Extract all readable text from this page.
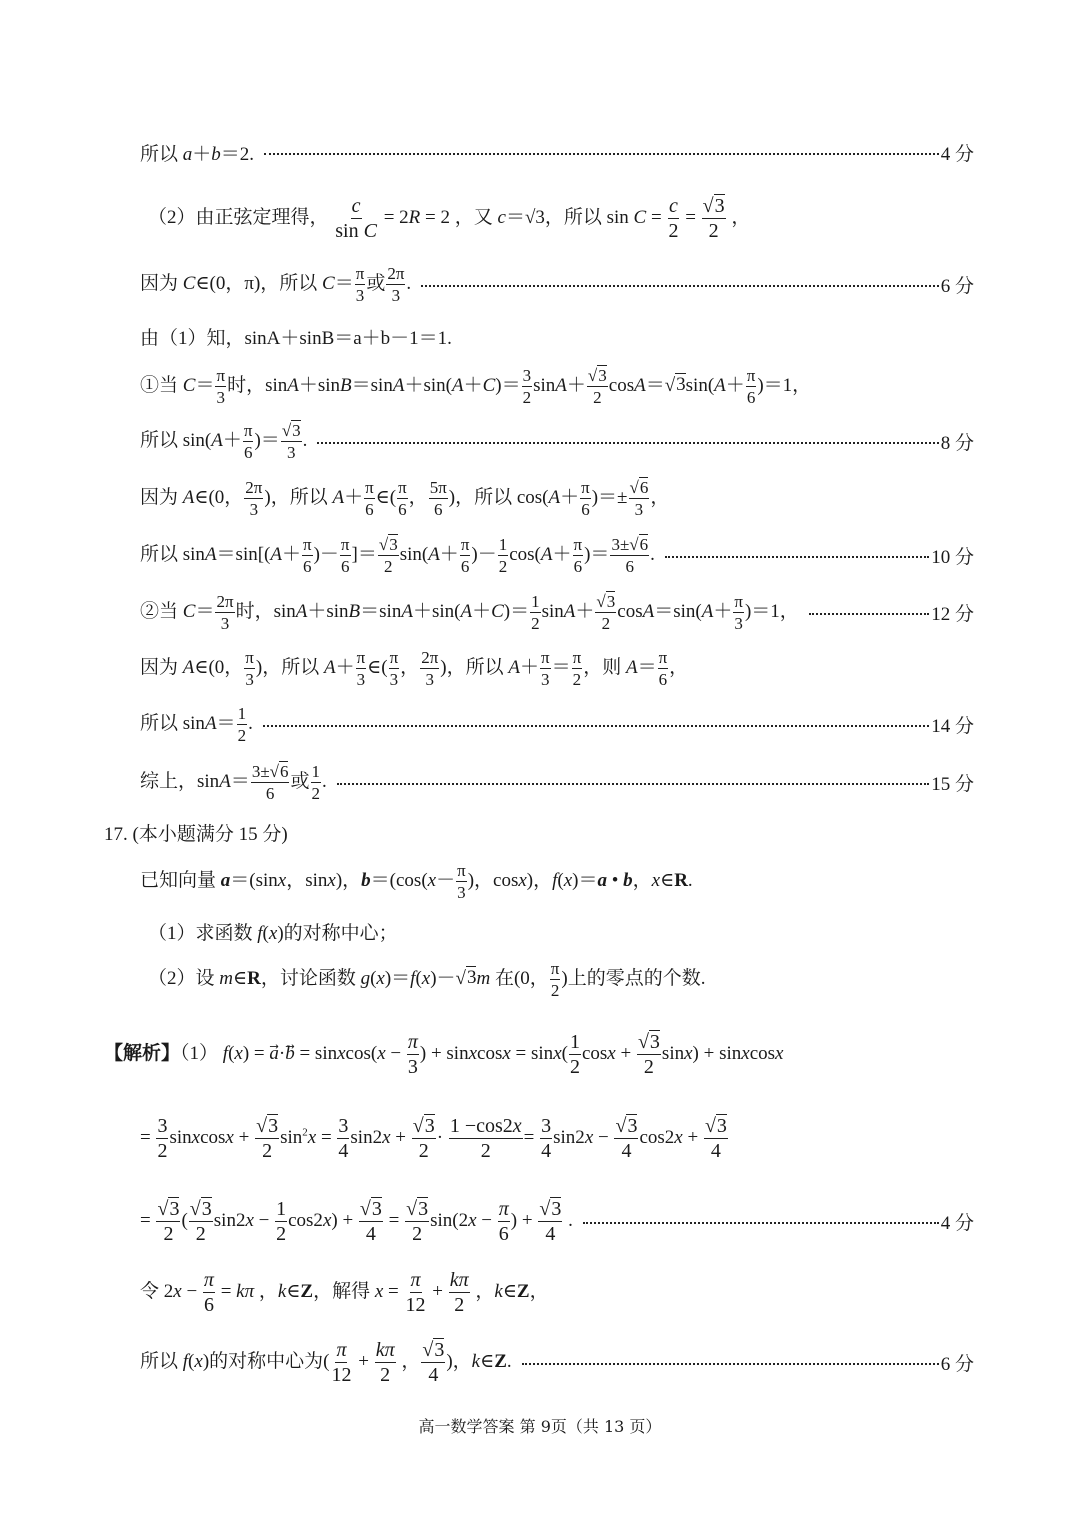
所以 a＋b＝2.	4 分
（2）由正弦定理得， $\frac{c}{\text{sin C}} = 2R = 2$ ，又 c＝√3，所以 $\sin C = \frac{c}{2} = \frac{√3}{2}$ ，
因为 C∈(0，π)，所以 $C= \frac{\pi}{3}$ 或 $\frac{2\pi}{3}$ .	6 分
由（1）知，sinA＋sinB＝a＋b－1＝1.
①当 $C= \frac{\pi}{3}$ 时，$\sin A+\sin B=\sin A+\sin(A+C)= \frac{3}{2} \sin A+ \frac{√3}{2} \cos A=√3\sin(A+ \frac{\pi}{6} )=1$，
所以 $\sin(A+ \frac{\pi}{6}$ )＝ $\frac{√3}{3}$ .	8 分
因为 A∈(0， $\frac{2\pi}{3}$ )，所以 $A+ \frac{\pi}{6}$ ∈( $\frac{\pi}{6}$ ， $\frac{5\pi}{6}$ )，所以 $\cos(A+ \frac{\pi}{6}$ )＝± $\frac{√6}{3}$ ，
所以 $\sin A=\sin[(A+ \frac{\pi}{6}$ )－ $\frac{\pi}{6}$ ]＝ $\frac{√3}{2} \sin(A+ \frac{\pi}{6}$ )－ $\frac{1}{2} \cos(A+ \frac{\pi}{6}$ )＝ $\frac{3\pm√6}{6}$ .	10 分
②当 $C= \frac{2\pi}{3}$ 时，$\sin A+\sin B=\sin A+\sin(A+C)= \frac{1}{2} \sin A+ \frac{√3}{2} \cos A=\sin(A+ \frac{\pi}{3} )=1$，	12 分
因为 A∈(0， $\frac{\pi}{3}$ )，所以 $A+ \frac{\pi}{3}$ ∈( $\frac{\pi}{3}$ ， $\frac{2\pi}{3}$ )，所以 $A+ \frac{\pi}{3} = \frac{\pi}{2}$ ，则 $A= \frac{\pi}{6}$ ，
所以 $\sin A= \frac{1}{2}$ .	14 分
综上，$\sin A= \frac{3\pm√6}{6}$ 或 $\frac{1}{2}$ .	15 分
17. (本小题满分 15 分)
已知向量 a＝(sinx，sinx)，$b=(\cos(x- \frac{\pi}{3}$ )，cosx)，f(x)＝a • b，x∈R.
（1）求函数 f(x)的对称中心；
（2）设 m∈R，讨论函数 g(x)＝f(x)－√3m 在(0， $\frac{\pi}{2}$ )上的零点的个数.
【解析】（1） f(x) = a⃗·b⃗ = sinxcos(x − $\frac{\pi}{3}$ ) + sinxcosx = $\sin x( \frac{1}{2}$ $\cos x + \frac{√3}{2} \sin x$) + sinxcosx
= $\frac{3}{2}$ sinxcosx + $\frac{√3}{2} \sin^2x = \frac{3}{4} \sin 2x + \frac{√3}{2} \cdot \frac{1 -\cos 2x}{2} = \frac{3}{4} \sin 2x - \frac{√3}{4} \cos 2x + \frac{√3}{4}$
= $\frac{√3}{2}$ ( $\frac{√3}{2} \sin 2x - \frac{1}{2} \cos 2x) + \frac{√3}{4} = \frac{√3}{2} \sin(2x - \frac{\pi}{6}$ ) + $\frac{√3}{4}$ .	4 分
令 $2x - \frac{\pi}{6} = k\pi$ ，k∈Z，解得 $x = \frac{\pi}{12} + \frac{k\pi}{2}$ ，k∈Z，
所以 f(x)的对称中心为( $\frac{\pi}{12} + \frac{k\pi}{2}$ ， $\frac{√3}{4}$ )，k∈Z.	6 分
高一数学答案 第 9页（共 13 页）
